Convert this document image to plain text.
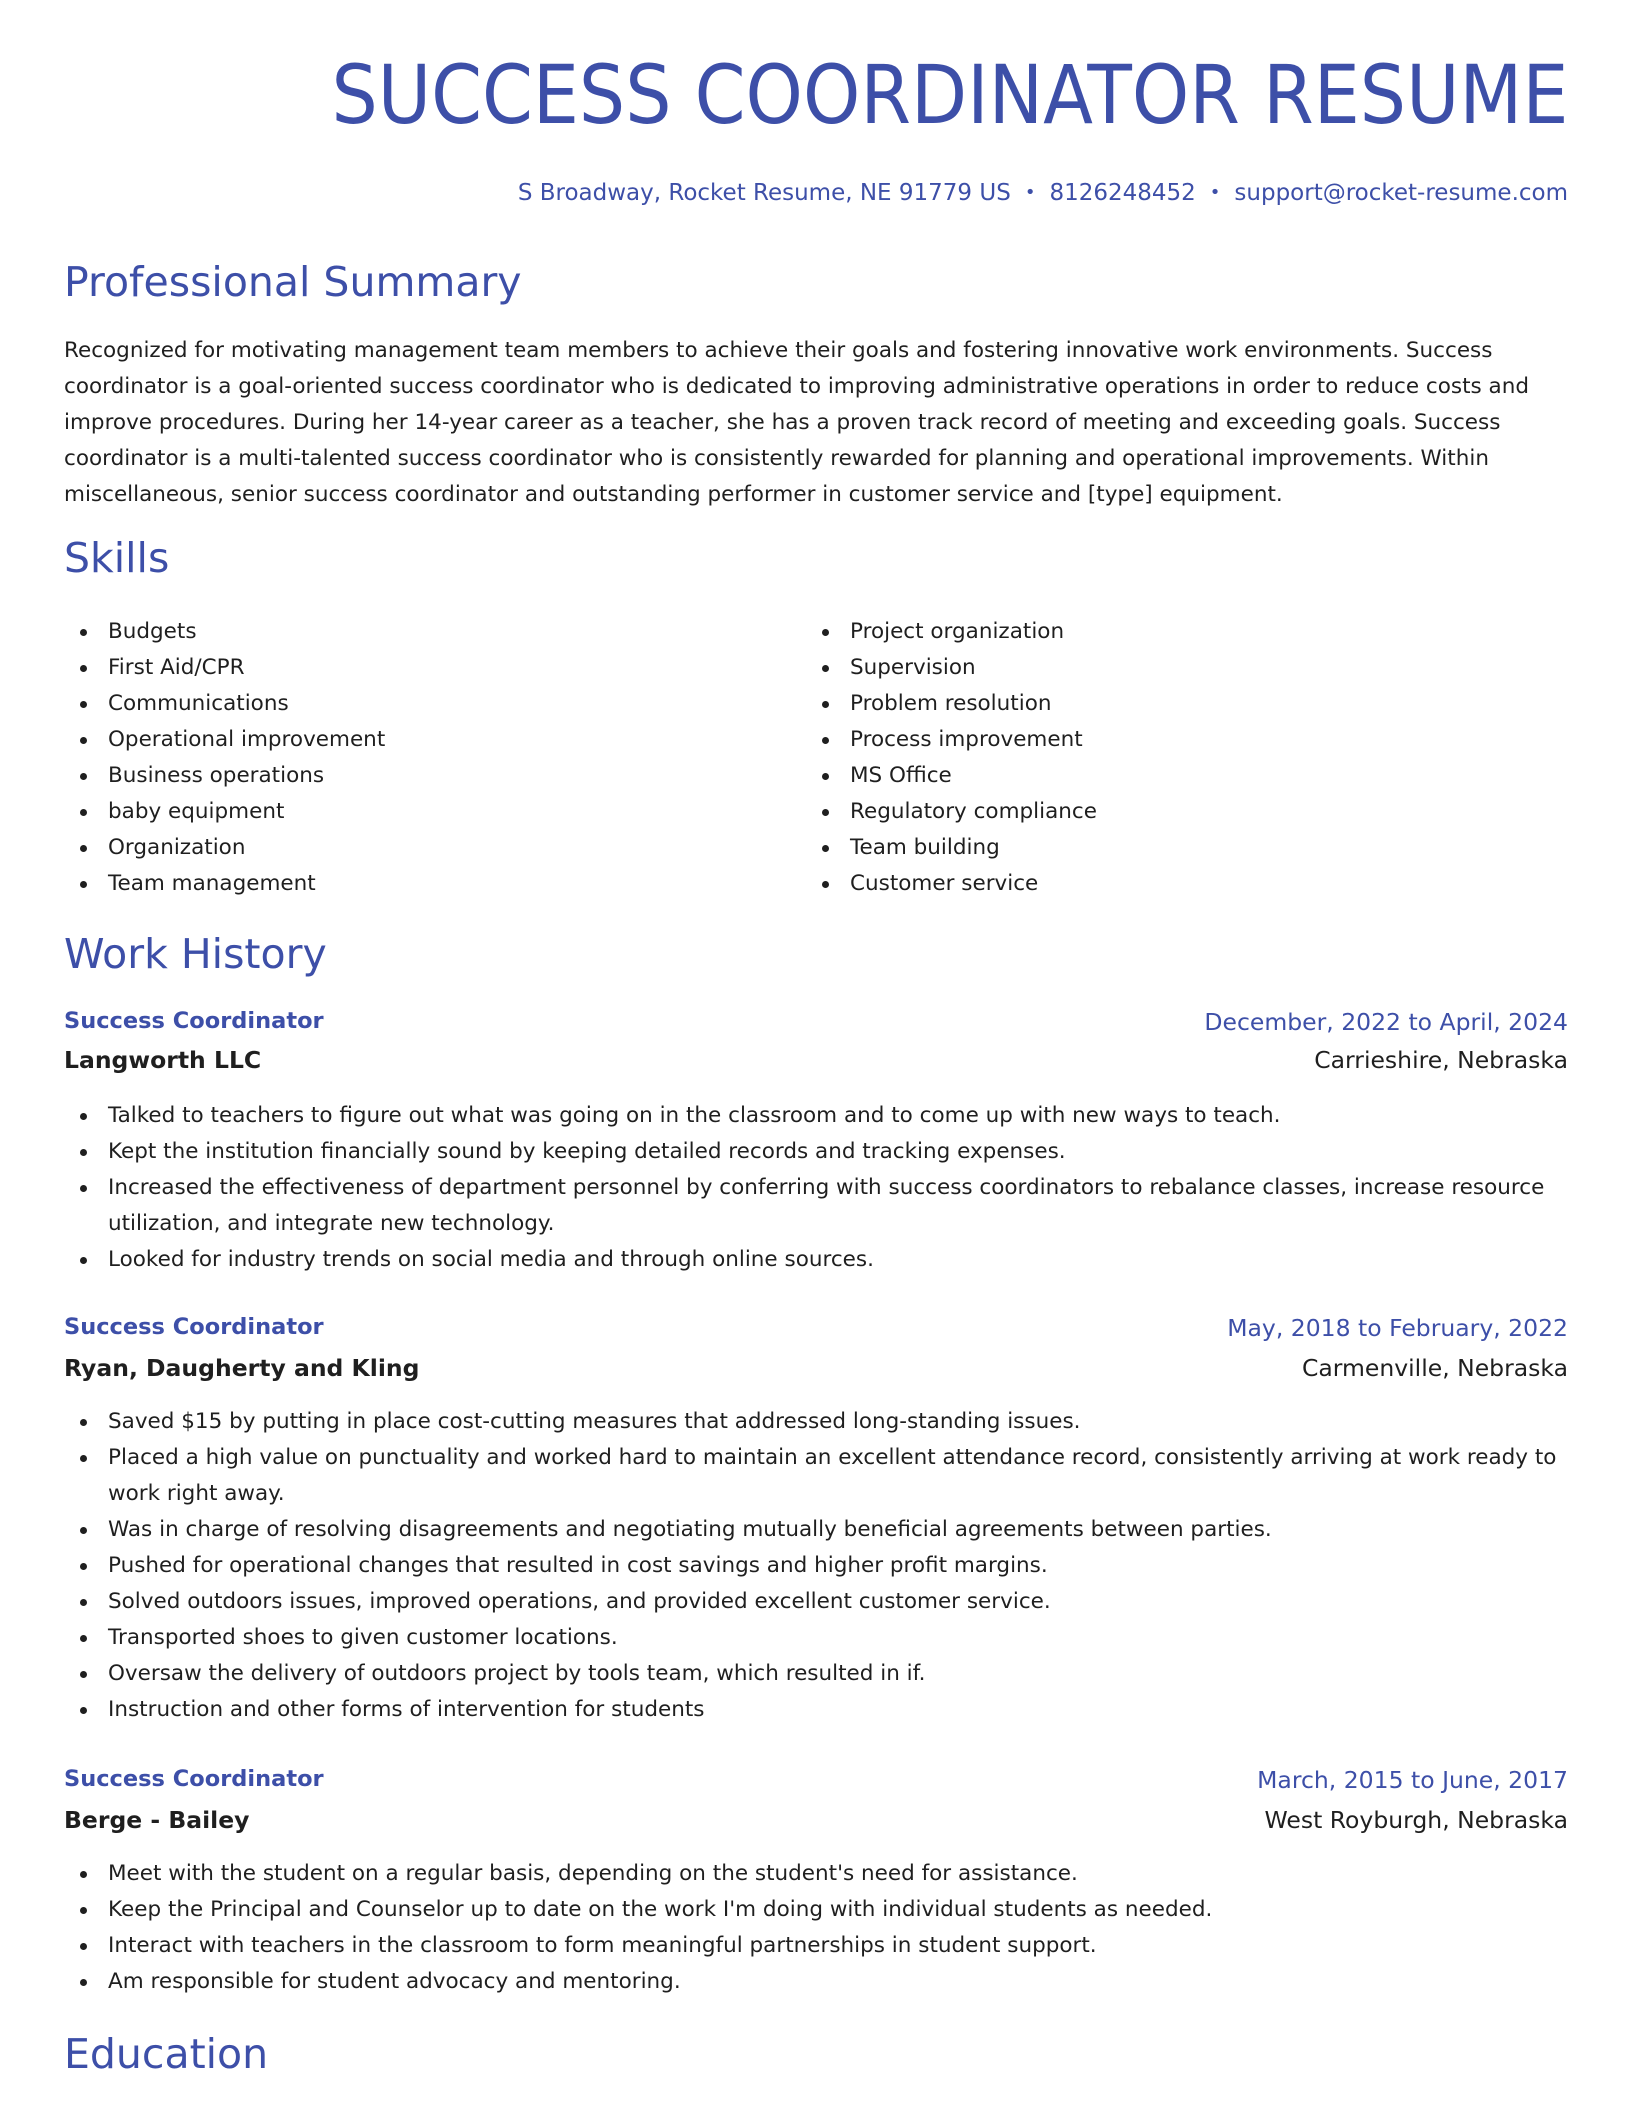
SUCCESS COORDINATOR RESUME
S Broadway, Rocket Resume, NE 91779 US • 8126248452 • support@rocket-resume.com
Professional Summary

Recognized for motivating management team members to achieve their goals and fostering innovative work environments. Success coordinator is a goal-oriented success coordinator who is dedicated to improving administrative operations in order to reduce costs and improve procedures. During her 14-year career as a teacher, she has a proven track record of meeting and exceeding goals. Success coordinator is a multi-talented success coordinator who is consistently rewarded for planning and operational improvements. Within miscellaneous, senior success coordinator and outstanding performer in customer service and [type] equipment.

Skills
Budgets
First Aid/CPR
Communications
Operational improvement
Business operations
baby equipment
Organization
Team management
Project organization
Supervision
Problem resolution
Process improvement
MS Office
Regulatory compliance
Team building
Customer service
Work History
Success Coordinator	December, 2022 to April, 2024
Langworth LLC	Carrieshire, Nebraska
Talked to teachers to figure out what was going on in the classroom and to come up with new ways to teach.
Kept the institution financially sound by keeping detailed records and tracking expenses.
Increased the effectiveness of department personnel by conferring with success coordinators to rebalance classes, increase resource utilization, and integrate new technology.
Looked for industry trends on social media and through online sources.
Success Coordinator	May, 2018 to February, 2022
Ryan, Daugherty and Kling	Carmenville, Nebraska
Saved $15 by putting in place cost-cutting measures that addressed long-standing issues.
Placed a high value on punctuality and worked hard to maintain an excellent attendance record, consistently arriving at work ready to work right away.
Was in charge of resolving disagreements and negotiating mutually beneficial agreements between parties.
Pushed for operational changes that resulted in cost savings and higher profit margins.
Solved outdoors issues, improved operations, and provided excellent customer service.
Transported shoes to given customer locations.
Oversaw the delivery of outdoors project by tools team, which resulted in if.
Instruction and other forms of intervention for students
Success Coordinator	March, 2015 to June, 2017
Berge - Bailey	West Royburgh, Nebraska
Meet with the student on a regular basis, depending on the student's need for assistance.
Keep the Principal and Counselor up to date on the work I'm doing with individual students as needed.
Interact with teachers in the classroom to form meaningful partnerships in student support.
Am responsible for student advocacy and mentoring.
Education
